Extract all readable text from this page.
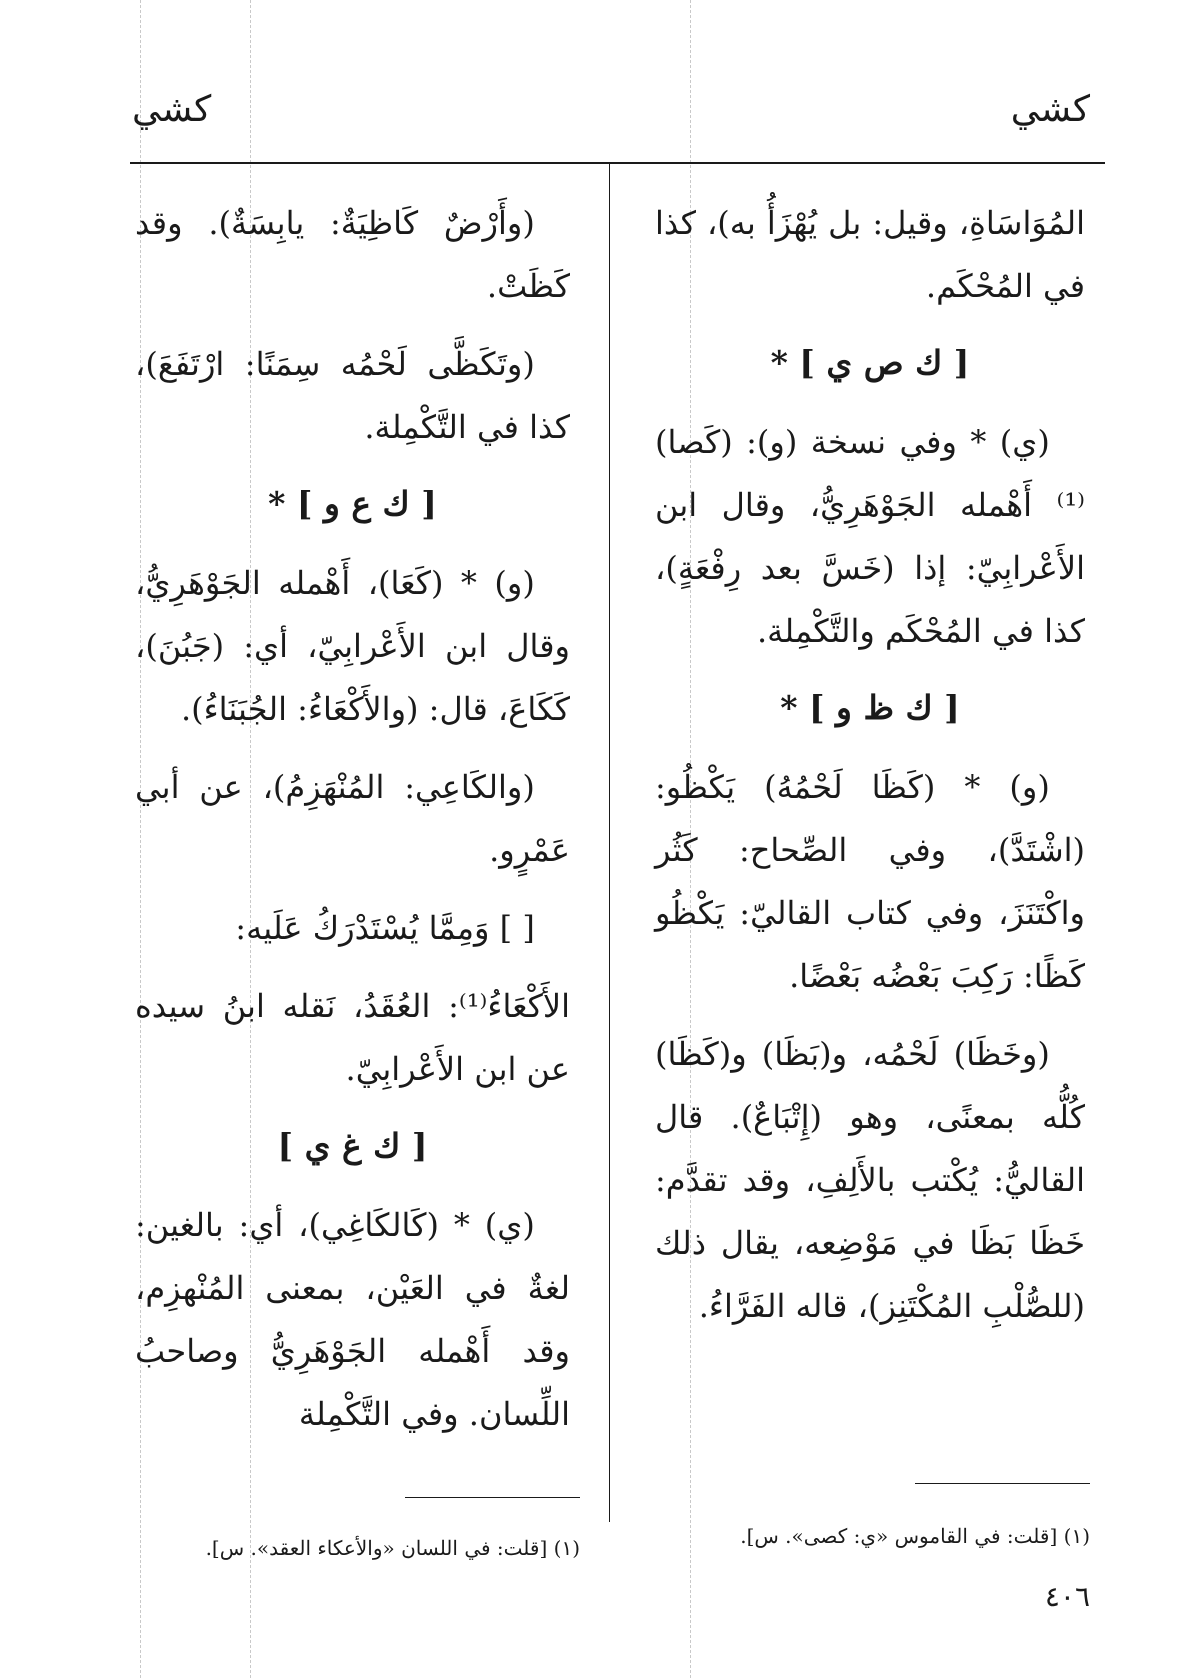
كشي
كشي

المُوَاسَاةِ، وقيل: بل يُهْزَأُ به)، كذا في المُحْكَم.

[ ك ص ي ] *

(ي) * وفي نسخة (و): (كَصا)⁽¹⁾ أَهْمله الجَوْهَرِيُّ، وقال ابن الأَعْرابِيّ: إذا (خَسَّ بعد رِفْعَةٍ)، كذا في المُحْكَم والتَّكْمِلة.

[ ك ظ و ] *

(و) * (كَظَا لَحْمُهُ) يَكْظُو: (اشْتَدَّ)، وفي الصِّحاح: كَثُر واكْتَنَزَ، وفي كتاب القاليّ: يَكْظُو كَظًا: رَكِبَ بَعْضُه بَعْضًا.

(وخَظَا) لَحْمُه، و(بَظَا) و(كَظَا) كُلُّه بمعنًى، وهو (إِتْبَاعٌ). قال القاليُّ: يُكْتب بالأَلِفِ، وقد تقدَّم: خَظَا بَظَا في مَوْضِعه، يقال ذلك (للصُّلْبِ المُكْتَنِز)، قاله الفَرَّاءُ.

(وأَرْضٌ كَاظِيَةٌ: يابِسَةٌ). وقد كَظَتْ.

(وتَكَظَّى لَحْمُه سِمَنًا: ارْتَفَعَ)، كذا في التَّكْمِلة.

[ ك ع و ] *

(و) * (كَعَا)، أَهْمله الجَوْهَرِيُّ، وقال ابن الأَعْرابِيّ، أي: (جَبُنَ)، كَكَاعَ، قال: (والأَكْعَاءُ: الجُبَنَاءُ).

(والكَاعِي: المُنْهَزِمُ)، عن أبي عَمْرٍو.

[ ] وَمِمَّا يُسْتَدْرَكُ عَلَيه:

الأَكْعَاءُ⁽¹⁾: العُقَدُ، نَقله ابنُ سيده عن ابن الأَعْرابِيّ.

[ ك غ ي ]

(ي) * (كَالكَاغِي)، أي: بالغين: لغةٌ في العَيْن، بمعنى المُنْهزِم، وقد أَهْمله الجَوْهَرِيُّ وصاحبُ اللِّسان. وفي التَّكْمِلة

(١) [قلت: في القاموس «ي: كصى». س].
(١) [قلت: في اللسان «والأعكاء العقد». س].
٤٠٦
